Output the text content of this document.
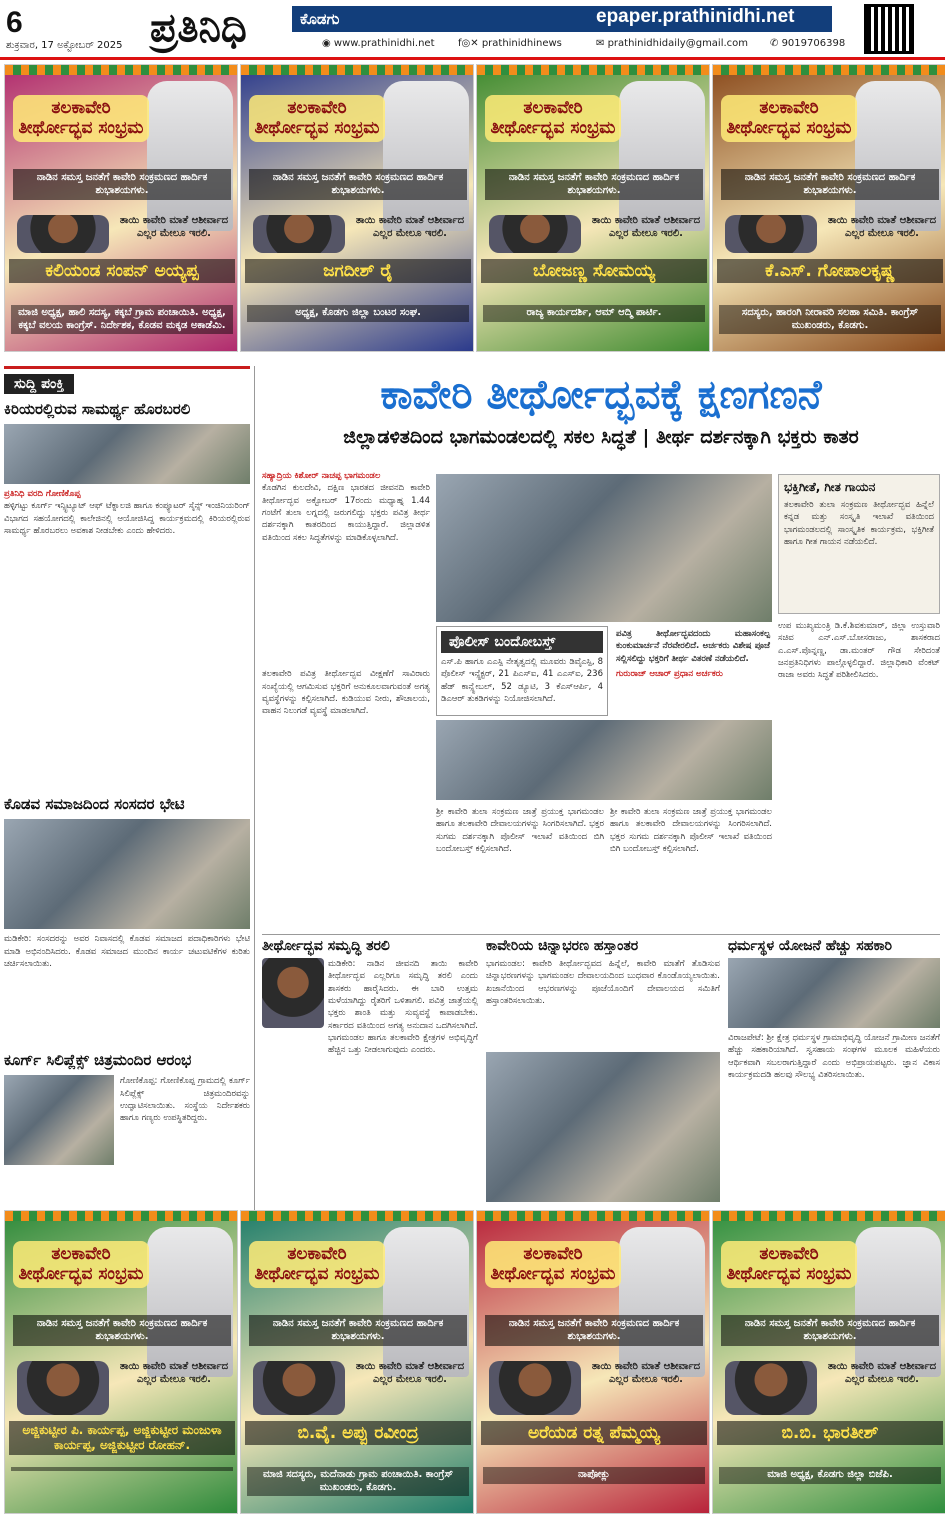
6
ಶುಕ್ರವಾರ, 17 ಅಕ್ಟೋಬರ್ 2025 ಪ್ರತಿನಿಧಿ	ಕೊಡಗು	epaper.prathinidhi.net
◉ www.prathinidhi.net f◎✕ prathinidhinews	✉ prathinidhidaily@gmail.com ✆ 9019706398
ತಲಕಾವೇರಿ ತೀರ್ಥೋದ್ಭವ ಸಂಭ್ರಮ
ನಾಡಿನ ಸಮಸ್ತ ಜನತೆಗೆ ಕಾವೇರಿ ಸಂಕ್ರಮಣದ ಹಾರ್ದಿಕ ಶುಭಾಶಯಗಳು.
ತಾಯಿ ಕಾವೇರಿ ಮಾತೆ ಆಶೀರ್ವಾದ ಎಲ್ಲರ ಮೇಲೂ ಇರಲಿ.
ಕಲಿಯಂಡ ಸಂಪನ್ ಅಯ್ಯಪ್ಪ
ಮಾಜಿ ಅಧ್ಯಕ್ಷ, ಹಾಲಿ ಸದಸ್ಯ, ಕಕ್ಕಬೆ ಗ್ರಾಮ ಪಂಚಾಯಿತಿ. ಅಧ್ಯಕ್ಷ, ಕಕ್ಕಬೆ ವಲಯ ಕಾಂಗ್ರೆಸ್. ನಿರ್ದೇಶಕ, ಕೊಡವ ಮಕ್ಕಡ ಅಕಾಡೆಮಿ.
ತಲಕಾವೇರಿ ತೀರ್ಥೋದ್ಭವ ಸಂಭ್ರಮ
ನಾಡಿನ ಸಮಸ್ತ ಜನತೆಗೆ ಕಾವೇರಿ ಸಂಕ್ರಮಣದ ಹಾರ್ದಿಕ ಶುಭಾಶಯಗಳು.
ತಾಯಿ ಕಾವೇರಿ ಮಾತೆ ಆಶೀರ್ವಾದ ಎಲ್ಲರ ಮೇಲೂ ಇರಲಿ.
ಜಗದೀಶ್ ರೈ
ಅಧ್ಯಕ್ಷ, ಕೊಡಗು ಜಿಲ್ಲಾ ಬಂಟರ ಸಂಘ.
ತಲಕಾವೇರಿ ತೀರ್ಥೋದ್ಭವ ಸಂಭ್ರಮ
ನಾಡಿನ ಸಮಸ್ತ ಜನತೆಗೆ ಕಾವೇರಿ ಸಂಕ್ರಮಣದ ಹಾರ್ದಿಕ ಶುಭಾಶಯಗಳು.
ತಾಯಿ ಕಾವೇರಿ ಮಾತೆ ಆಶೀರ್ವಾದ ಎಲ್ಲರ ಮೇಲೂ ಇರಲಿ.
ಬೋಜಣ್ಣ ಸೋಮಯ್ಯ
ರಾಜ್ಯ ಕಾರ್ಯದರ್ಶಿ, ಆಮ್ ಆದ್ಮಿ ಪಾರ್ಟಿ.
ತಲಕಾವೇರಿ ತೀರ್ಥೋದ್ಭವ ಸಂಭ್ರಮ
ನಾಡಿನ ಸಮಸ್ತ ಜನತೆಗೆ ಕಾವೇರಿ ಸಂಕ್ರಮಣದ ಹಾರ್ದಿಕ ಶುಭಾಶಯಗಳು.
ತಾಯಿ ಕಾವೇರಿ ಮಾತೆ ಆಶೀರ್ವಾದ ಎಲ್ಲರ ಮೇಲೂ ಇರಲಿ.
ಕೆ.ಎಸ್. ಗೋಪಾಲಕೃಷ್ಣ
ಸದಸ್ಯರು, ಹಾರಂಗಿ ನೀರಾವರಿ ಸಲಹಾ ಸಮಿತಿ. ಕಾಂಗ್ರೆಸ್ ಮುಖಂಡರು, ಕೊಡಗು.
ಸುದ್ದಿ ಪಂಕ್ತಿ
ಕಿರಿಯರಲ್ಲಿರುವ ಸಾಮರ್ಥ್ಯ ಹೊರಬರಲಿ
ಪ್ರತಿನಿಧಿ ವರದಿ ಗೋಣಿಕೊಪ್ಪ
ಹಳ್ಳಿಗಟ್ಟು ಕೂರ್ಗ್ ಇನ್ಸ್ಟಿಟ್ಯೂಟ್ ಆಫ್ ಟೆಕ್ನಾಲಜಿ ಹಾಗೂ ಕಂಪ್ಯೂಟರ್ ಸೈನ್ಸ್ ಇಂಜಿನಿಯರಿಂಗ್ ವಿಭಾಗದ ಸಹಯೋಗದಲ್ಲಿ ಕಾಲೇಜಿನಲ್ಲಿ ಆಯೋಜಿಸಿದ್ದ ಕಾರ್ಯಕ್ರಮದಲ್ಲಿ ಕಿರಿಯರಲ್ಲಿರುವ ಸಾಮರ್ಥ್ಯ ಹೊರಬರಲು ಅವಕಾಶ ನೀಡಬೇಕು ಎಂದು ಹೇಳಿದರು.
ಕೊಡವ ಸಮಾಜದಿಂದ ಸಂಸದರ ಭೇಟಿ
ಮಡಿಕೇರಿ: ಸಂಸದರನ್ನು ಅವರ ನಿವಾಸದಲ್ಲಿ ಕೊಡವ ಸಮಾಜದ ಪದಾಧಿಕಾರಿಗಳು ಭೇಟಿ ಮಾಡಿ ಅಭಿನಂದಿಸಿದರು. ಕೊಡವ ಸಮಾಜದ ಮುಂದಿನ ಕಾರ್ಯ ಚಟುವಟಿಕೆಗಳ ಕುರಿತು ಚರ್ಚಿಸಲಾಯಿತು.
ಕೂರ್ಗ್ ಸಿಲಿಪ್ಲೆಕ್ಸ್ ಚಿತ್ರಮಂದಿರ ಆರಂಭ
ಗೋಣಿಕೊಪ್ಪ: ಗೋಣಿಕೊಪ್ಪ ಗ್ರಾಮದಲ್ಲಿ ಕೂರ್ಗ್ ಸಿಲಿಪ್ಲೆಕ್ಸ್ ಚಿತ್ರಮಂದಿರವನ್ನು ಉದ್ಘಾಟಿಸಲಾಯಿತು. ಸಂಸ್ಥೆಯ ನಿರ್ದೇಶಕರು ಹಾಗೂ ಗಣ್ಯರು ಉಪಸ್ಥಿತರಿದ್ದರು.
ಕಾವೇರಿ ತೀರ್ಥೋದ್ಭವಕ್ಕೆ ಕ್ಷಣಗಣನೆ
ಜಿಲ್ಲಾಡಳಿತದಿಂದ ಭಾಗಮಂಡಲದಲ್ಲಿ ಸಕಲ ಸಿದ್ಧತೆ | ತೀರ್ಥ ದರ್ಶನಕ್ಕಾಗಿ ಭಕ್ತರು ಕಾತರ
ಸಹ್ಯಾದ್ರಿಯ ಕಿಶೋರ್ ನಾಚಪ್ಪ ಭಾಗಮಂಡಲ
ಕೊಡಗಿನ ಕುಲದೇವಿ, ದಕ್ಷಿಣ ಭಾರತದ ಜೀವನದಿ ಕಾವೇರಿ ತೀರ್ಥೋದ್ಭವ ಅಕ್ಟೋಬರ್ 17ರಂದು ಮಧ್ಯಾಹ್ನ 1.44 ಗಂಟೆಗೆ ತುಲಾ ಲಗ್ನದಲ್ಲಿ ಜರುಗಲಿದ್ದು ಭಕ್ತರು ಪವಿತ್ರ ತೀರ್ಥ ದರ್ಶನಕ್ಕಾಗಿ ಕಾತರದಿಂದ ಕಾಯುತ್ತಿದ್ದಾರೆ. ಜಿಲ್ಲಾಡಳಿತ ವತಿಯಿಂದ ಸಕಲ ಸಿದ್ಧತೆಗಳನ್ನು ಮಾಡಿಕೊಳ್ಳಲಾಗಿದೆ.
ತಲಕಾವೇರಿ ಪವಿತ್ರ ತೀರ್ಥೋದ್ಭವ ವೀಕ್ಷಣೆಗೆ ಸಾವಿರಾರು ಸಂಖ್ಯೆಯಲ್ಲಿ ಆಗಮಿಸುವ ಭಕ್ತರಿಗೆ ಅನುಕೂಲವಾಗುವಂತೆ ಅಗತ್ಯ ವ್ಯವಸ್ಥೆಗಳನ್ನು ಕಲ್ಪಿಸಲಾಗಿದೆ. ಕುಡಿಯುವ ನೀರು, ಶೌಚಾಲಯ, ವಾಹನ ನಿಲುಗಡೆ ವ್ಯವಸ್ಥೆ ಮಾಡಲಾಗಿದೆ.
ಪೊಲೀಸ್ ಬಂದೋಬಸ್ತ್
ಎಸ್.ಪಿ ಹಾಗೂ ಎಎಸ್ಪಿ ನೇತೃತ್ವದಲ್ಲಿ ಮೂವರು ಡಿವೈಎಸ್ಪಿ, 8 ಪೊಲೀಸ್ ಇನ್ಸ್ಪೆಕ್ಟರ್, 21 ಪಿಎಸ್ಐ, 41 ಎಎಸ್ಐ, 236 ಹೆಡ್ ಕಾನ್ಸ್ಟೇಬಲ್, 52 ಡ್ಯೂಟಿ, 3 ಕೆಎಸ್ಆರ್ಪಿ, 4 ಡಿಎಆರ್ ತುಕಡಿಗಳನ್ನು ನಿಯೋಜಿಸಲಾಗಿದೆ.
ಪವಿತ್ರ ತೀರ್ಥೋದ್ಭವದಂದು ಮಹಾಸಂಕಲ್ಪ ಕುಂಕುಮಾರ್ಚನೆ ನೆರವೇರಲಿದೆ. ಅರ್ಚಕರು ವಿಶೇಷ ಪೂಜೆ ಸಲ್ಲಿಸಲಿದ್ದು ಭಕ್ತರಿಗೆ ತೀರ್ಥ ವಿತರಣೆ ನಡೆಯಲಿದೆ.
ಗುರುರಾಜ್ ಆಚಾರ್ ಪ್ರಧಾನ ಅರ್ಚಕರು
ಶ್ರೀ ಕಾವೇರಿ ತುಲಾ ಸಂಕ್ರಮಣ ಜಾತ್ರೆ ಪ್ರಯುಕ್ತ ಭಾಗಮಂಡಲ ಹಾಗೂ ತಲಕಾವೇರಿ ದೇವಾಲಯಗಳನ್ನು ಸಿಂಗರಿಸಲಾಗಿದೆ. ಭಕ್ತರ ಸುಗಮ ದರ್ಶನಕ್ಕಾಗಿ ಪೊಲೀಸ್ ಇಲಾಖೆ ವತಿಯಿಂದ ಬಿಗಿ ಬಂದೋಬಸ್ತ್ ಕಲ್ಪಿಸಲಾಗಿದೆ.
ಶ್ರೀ ಕಾವೇರಿ ತುಲಾ ಸಂಕ್ರಮಣ ಜಾತ್ರೆ ಪ್ರಯುಕ್ತ ಭಾಗಮಂಡಲ ಹಾಗೂ ತಲಕಾವೇರಿ ದೇವಾಲಯಗಳನ್ನು ಸಿಂಗರಿಸಲಾಗಿದೆ. ಭಕ್ತರ ಸುಗಮ ದರ್ಶನಕ್ಕಾಗಿ ಪೊಲೀಸ್ ಇಲಾಖೆ ವತಿಯಿಂದ ಬಿಗಿ ಬಂದೋಬಸ್ತ್ ಕಲ್ಪಿಸಲಾಗಿದೆ.
ಭಕ್ತಿಗೀತೆ, ಗೀತ ಗಾಯನ
ತಲಕಾವೇರಿ ತುಲಾ ಸಂಕ್ರಮಣ ತೀರ್ಥೋದ್ಭವ ಹಿನ್ನೆಲೆ ಕನ್ನಡ ಮತ್ತು ಸಂಸ್ಕೃತಿ ಇಲಾಖೆ ವತಿಯಿಂದ ಭಾಗಮಂಡಲದಲ್ಲಿ ಸಾಂಸ್ಕೃತಿಕ ಕಾರ್ಯಕ್ರಮ, ಭಕ್ತಿಗೀತೆ ಹಾಗೂ ಗೀತ ಗಾಯನ ನಡೆಯಲಿದೆ.
ಉಪ ಮುಖ್ಯಮಂತ್ರಿ ಡಿ.ಕೆ.ಶಿವಕುಮಾರ್, ಜಿಲ್ಲಾ ಉಸ್ತುವಾರಿ ಸಚಿವ ಎನ್.ಎಸ್.ಬೋಸರಾಜು, ಶಾಸಕರಾದ ಎ.ಎಸ್.ಪೊನ್ನಣ್ಣ, ಡಾ.ಮಂತರ್ ಗೌಡ ಸೇರಿದಂತೆ ಜನಪ್ರತಿನಿಧಿಗಳು ಪಾಲ್ಗೊಳ್ಳಲಿದ್ದಾರೆ. ಜಿಲ್ಲಾಧಿಕಾರಿ ವೆಂಕಟ್ ರಾಜಾ ಅವರು ಸಿದ್ಧತೆ ಪರಿಶೀಲಿಸಿದರು.
ತೀರ್ಥೋದ್ಭವ ಸಮೃದ್ಧಿ ತರಲಿ
ಮಡಿಕೇರಿ: ನಾಡಿನ ಜೀವನದಿ ತಾಯಿ ಕಾವೇರಿ ತೀರ್ಥೋದ್ಭವ ಎಲ್ಲರಿಗೂ ಸಮೃದ್ಧಿ ತರಲಿ ಎಂದು ಶಾಸಕರು ಹಾರೈಸಿದರು. ಈ ಬಾರಿ ಉತ್ತಮ ಮಳೆಯಾಗಿದ್ದು ರೈತರಿಗೆ ಒಳಿತಾಗಲಿ. ಪವಿತ್ರ ಜಾತ್ರೆಯಲ್ಲಿ ಭಕ್ತರು ಶಾಂತಿ ಮತ್ತು ಸುವ್ಯವಸ್ಥೆ ಕಾಪಾಡಬೇಕು. ಸರ್ಕಾರದ ವತಿಯಿಂದ ಅಗತ್ಯ ಅನುದಾನ ಒದಗಿಸಲಾಗಿದೆ. ಭಾಗಮಂಡಲ ಹಾಗೂ ತಲಕಾವೇರಿ ಕ್ಷೇತ್ರಗಳ ಅಭಿವೃದ್ಧಿಗೆ ಹೆಚ್ಚಿನ ಒತ್ತು ನೀಡಲಾಗುವುದು ಎಂದರು.
ಕಾವೇರಿಯ ಚಿನ್ನಾಭರಣ ಹಸ್ತಾಂತರ
ಭಾಗಮಂಡಲ: ಕಾವೇರಿ ತೀರ್ಥೋದ್ಭವದ ಹಿನ್ನೆಲೆ, ಕಾವೇರಿ ಮಾತೆಗೆ ತೊಡಿಸುವ ಚಿನ್ನಾಭರಣಗಳನ್ನು ಭಾಗಮಂಡಲ ದೇವಾಲಯದಿಂದ ಬುಧವಾರ ಕೊಂಡೊಯ್ಯಲಾಯಿತು. ಖಜಾನೆಯಿಂದ ಆಭರಣಗಳನ್ನು ಪೂಜೆಯೊಂದಿಗೆ ದೇವಾಲಯದ ಸಮಿತಿಗೆ ಹಸ್ತಾಂತರಿಸಲಾಯಿತು.
ಧರ್ಮಸ್ಥಳ ಯೋಜನೆ ಹೆಚ್ಚು ಸಹಕಾರಿ
ವಿರಾಜಪೇಟೆ: ಶ್ರೀ ಕ್ಷೇತ್ರ ಧರ್ಮಸ್ಥಳ ಗ್ರಾಮಾಭಿವೃದ್ಧಿ ಯೋಜನೆ ಗ್ರಾಮೀಣ ಜನತೆಗೆ ಹೆಚ್ಚು ಸಹಕಾರಿಯಾಗಿದೆ. ಸ್ವಸಹಾಯ ಸಂಘಗಳ ಮೂಲಕ ಮಹಿಳೆಯರು ಆರ್ಥಿಕವಾಗಿ ಸಬಲರಾಗುತ್ತಿದ್ದಾರೆ ಎಂದು ಅಭಿಪ್ರಾಯಪಟ್ಟರು. ಜ್ಞಾನ ವಿಕಾಸ ಕಾರ್ಯಕ್ರಮದಡಿ ಹಲವು ಸೌಲಭ್ಯ ವಿತರಿಸಲಾಯಿತು.
ತಲಕಾವೇರಿ ತೀರ್ಥೋದ್ಭವ ಸಂಭ್ರಮ
ನಾಡಿನ ಸಮಸ್ತ ಜನತೆಗೆ ಕಾವೇರಿ ಸಂಕ್ರಮಣದ ಹಾರ್ದಿಕ ಶುಭಾಶಯಗಳು.
ತಾಯಿ ಕಾವೇರಿ ಮಾತೆ ಆಶೀರ್ವಾದ ಎಲ್ಲರ ಮೇಲೂ ಇರಲಿ.
ಅಜ್ಜಿಕುಟ್ಟೀರ ಪಿ. ಕಾರ್ಯಪ್ಪ, ಅಜ್ಜಿಕುಟ್ಟೀರ ಮಂಜುಳಾ ಕಾರ್ಯಪ್ಪ, ಅಜ್ಜಿಕುಟ್ಟೀರ ರೋಹನ್.
ತಲಕಾವೇರಿ ತೀರ್ಥೋದ್ಭವ ಸಂಭ್ರಮ
ನಾಡಿನ ಸಮಸ್ತ ಜನತೆಗೆ ಕಾವೇರಿ ಸಂಕ್ರಮಣದ ಹಾರ್ದಿಕ ಶುಭಾಶಯಗಳು.
ತಾಯಿ ಕಾವೇರಿ ಮಾತೆ ಆಶೀರ್ವಾದ ಎಲ್ಲರ ಮೇಲೂ ಇರಲಿ.
ಬಿ.ವೈ. ಅಪ್ಪು ರವೀಂದ್ರ
ಮಾಜಿ ಸದಸ್ಯರು, ಮದೆನಾಡು ಗ್ರಾಮ ಪಂಚಾಯಿತಿ. ಕಾಂಗ್ರೆಸ್ ಮುಖಂಡರು, ಕೊಡಗು.
ತಲಕಾವೇರಿ ತೀರ್ಥೋದ್ಭವ ಸಂಭ್ರಮ
ನಾಡಿನ ಸಮಸ್ತ ಜನತೆಗೆ ಕಾವೇರಿ ಸಂಕ್ರಮಣದ ಹಾರ್ದಿಕ ಶುಭಾಶಯಗಳು.
ತಾಯಿ ಕಾವೇರಿ ಮಾತೆ ಆಶೀರ್ವಾದ ಎಲ್ಲರ ಮೇಲೂ ಇರಲಿ.
ಅರೆಯಡ ರತ್ನ ಪೆಮ್ಮಯ್ಯ
ನಾಪೋಕ್ಲು
ತಲಕಾವೇರಿ ತೀರ್ಥೋದ್ಭವ ಸಂಭ್ರಮ
ನಾಡಿನ ಸಮಸ್ತ ಜನತೆಗೆ ಕಾವೇರಿ ಸಂಕ್ರಮಣದ ಹಾರ್ದಿಕ ಶುಭಾಶಯಗಳು.
ತಾಯಿ ಕಾವೇರಿ ಮಾತೆ ಆಶೀರ್ವಾದ ಎಲ್ಲರ ಮೇಲೂ ಇರಲಿ.
ಬಿ.ಬಿ. ಭಾರತೀಶ್
ಮಾಜಿ ಅಧ್ಯಕ್ಷ, ಕೊಡಗು ಜಿಲ್ಲಾ ಬಿಜೆಪಿ.
